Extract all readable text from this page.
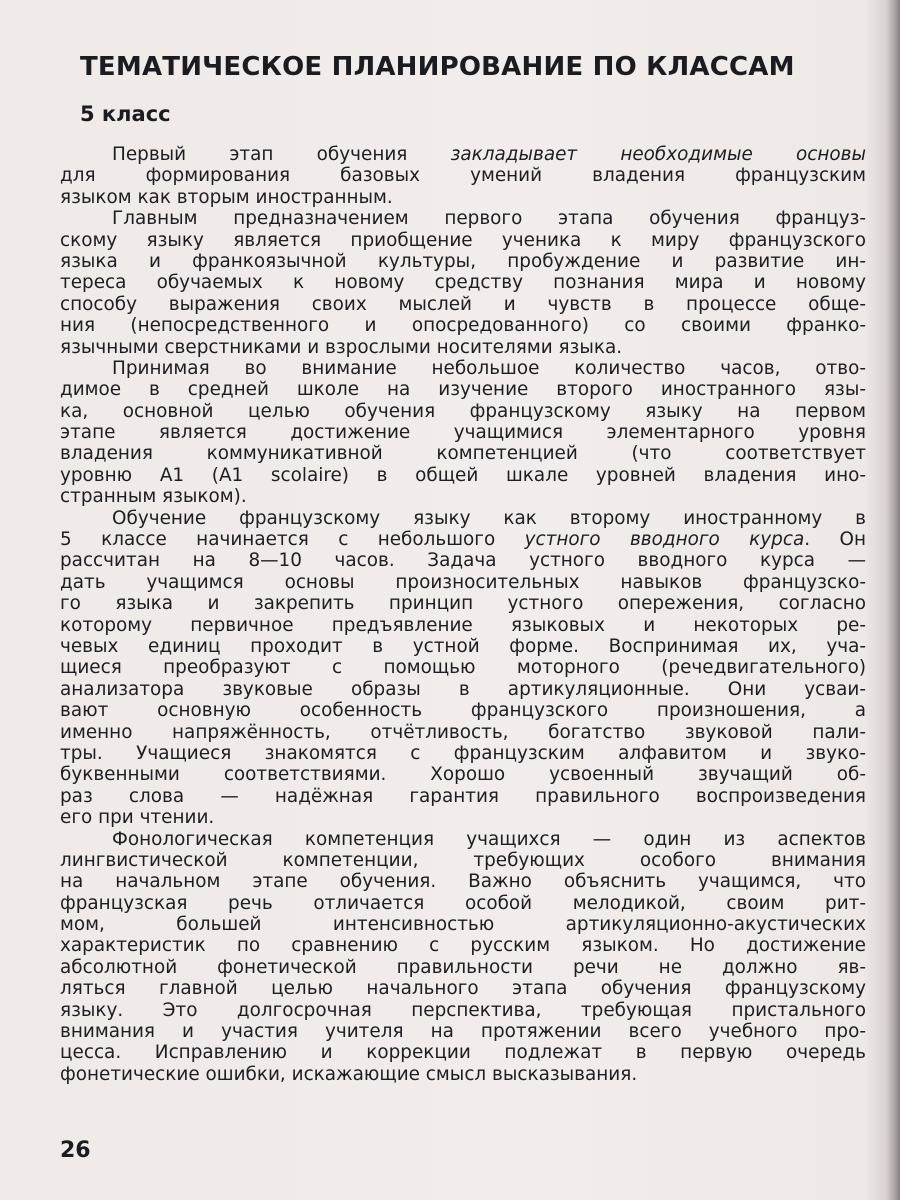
ТЕМАТИЧЕСКОЕ ПЛАНИРОВАНИЕ ПО КЛАССАМ
5 класс
Первый этап обучения закладывает необходимые основы
для формирования базовых умений владения французским
языком как вторым иностранным.
Главным предназначением первого этапа обучения француз-
скому языку является приобщение ученика к миру французского
языка и франкоязычной культуры, пробуждение и развитие ин-
тереса обучаемых к новому средству познания мира и новому
способу выражения своих мыслей и чувств в процессе обще-
ния (непосредственного и опосредованного) со своими франко-
язычными сверстниками и взрослыми носителями языка.
Принимая во внимание небольшое количество часов, отво-
димое в средней школе на изучение второго иностранного язы-
ка, основной целью обучения французскому языку на первом
этапе является достижение учащимися элементарного уровня
владения коммуникативной компетенцией (что соответствует
уровню А1 (A1 scolaire) в общей шкале уровней владения ино-
странным языком).
Обучение французскому языку как второму иностранному в
5 классе начинается с небольшого устного вводного курса. Он
рассчитан на 8—10 часов. Задача устного вводного курса —
дать учащимся основы произносительных навыков французско-
го языка и закрепить принцип устного опережения, согласно
которому первичное предъявление языковых и некоторых ре-
чевых единиц проходит в устной форме. Воспринимая их, уча-
щиеся преобразуют с помощью моторного (речедвигательного)
анализатора звуковые образы в артикуляционные. Они усваи-
вают основную особенность французского произношения, а
именно напряжённость, отчётливость, богатство звуковой пали-
тры. Учащиеся знакомятся с французским алфавитом и звуко-
буквенными соответствиями. Хорошо усвоенный звучащий об-
раз слова — надёжная гарантия правильного воспроизведения
его при чтении.
Фонологическая компетенция учащихся — один из аспектов
лингвистической компетенции, требующих особого внимания
на начальном этапе обучения. Важно объяснить учащимся, что
французская речь отличается особой мелодикой, своим рит-
мом, большей интенсивностью артикуляционно-акустических
характеристик по сравнению с русским языком. Но достижение
абсолютной фонетической правильности речи не должно яв-
ляться главной целью начального этапа обучения французскому
языку. Это долгосрочная перспектива, требующая пристального
внимания и участия учителя на протяжении всего учебного про-
цесса. Исправлению и коррекции подлежат в первую очередь
фонетические ошибки, искажающие смысл высказывания.
26
